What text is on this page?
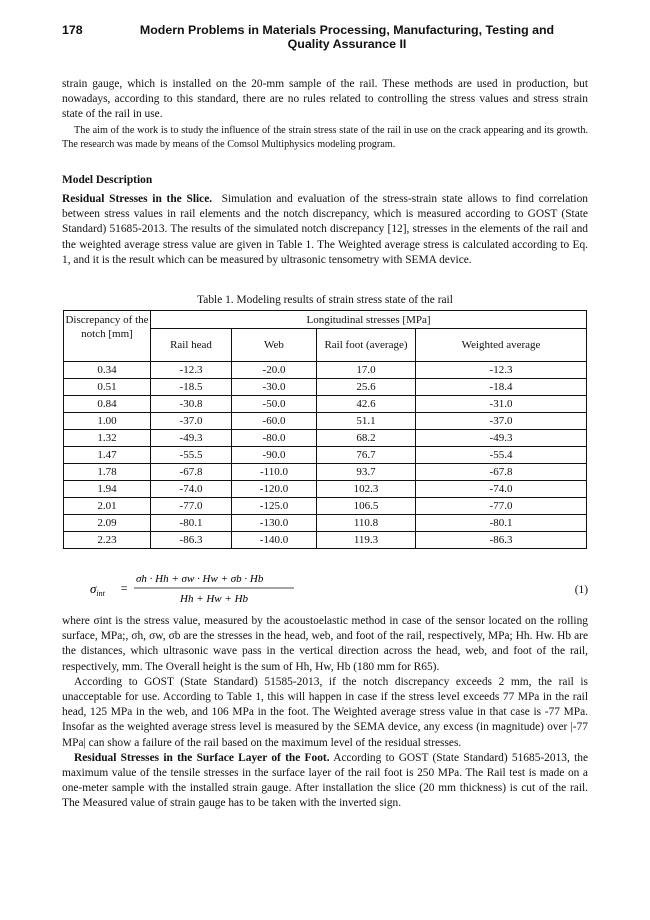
178	Modern Problems in Materials Processing, Manufacturing, Testing and Quality Assurance II

strain gauge, which is installed on the 20-mm sample of the rail. These methods are used in production, but nowadays, according to this standard, there are no rules related to controlling the stress values and stress strain state of the rail in use.

The aim of the work is to study the influence of the strain stress state of the rail in use on the crack appearing and its growth. The research was made by means of the Comsol Multiphysics modeling program.

Model Description

Residual Stresses in the Slice. Simulation and evaluation of the stress-strain state allows to find correlation between stress values in rail elements and the notch discrepancy, which is measured according to GOST (State Standard) 51685-2013. The results of the simulated notch discrepancy [12], stresses in the elements of the rail and the weighted average stress value are given in Table 1. The Weighted average stress is calculated according to Eq. 1, and it is the result which can be measured by ultrasonic tensometry with SEMA device.

Table 1. Modeling results of strain stress state of the rail

Discrepancy of the notch [mm]	Longitudinal stresses [MPa]			
	Rail head	Web	Rail foot (average)	Weighted average
0.34	-12.3	-20.0	17.0	-12.3
0.51	-18.5	-30.0	25.6	-18.4
0.84	-30.8	-50.0	42.6	-31.0
1.00	-37.0	-60.0	51.1	-37.0
1.32	-49.3	-80.0	68.2	-49.3
1.47	-55.5	-90.0	76.7	-55.4
1.78	-67.8	-110.0	93.7	-67.8
1.94	-74.0	-120.0	102.3	-74.0
2.01	-77.0	-125.0	106.5	-77.0
2.09	-80.1	-130.0	110.8	-80.1
2.23	-86.3	-140.0	119.3	-86.3
$\sigma_{int}$ =
σh · Hh + σw · Hw + σb · Hb
Hh + Hw + Hb
(1)

where σint is the stress value, measured by the acoustoelastic method in case of the sensor located on the rolling surface, MPa;, σh, σw, σb are the stresses in the head, web, and foot of the rail, respectively, MPa; Hh. Hw. Hb are the distances, which ultrasonic wave pass in the vertical direction across the head, web, and foot of the rail, respectively, mm. The Overall height is the sum of Hh, Hw, Hb (180 mm for R65).

According to GOST (State Standard) 51585-2013, if the notch discrepancy exceeds 2 mm, the rail is unacceptable for use. According to Table 1, this will happen in case if the stress level exceeds 77 MPa in the rail head, 125 MPa in the web, and 106 MPa in the foot. The Weighted average stress value in that case is -77 MPa. Insofar as the weighted average stress level is measured by the SEMA device, any excess (in magnitude) over |-77 MPa| can show a failure of the rail based on the maximum level of the residual stresses.

Residual Stresses in the Surface Layer of the Foot. According to GOST (State Standard) 51685-2013, the maximum value of the tensile stresses in the surface layer of the rail foot is 250 MPa. The Rail test is made on a one-meter sample with the installed strain gauge. After installation the slice (20 mm thickness) is cut of the rail. The Measured value of strain gauge has to be taken with the inverted sign.
